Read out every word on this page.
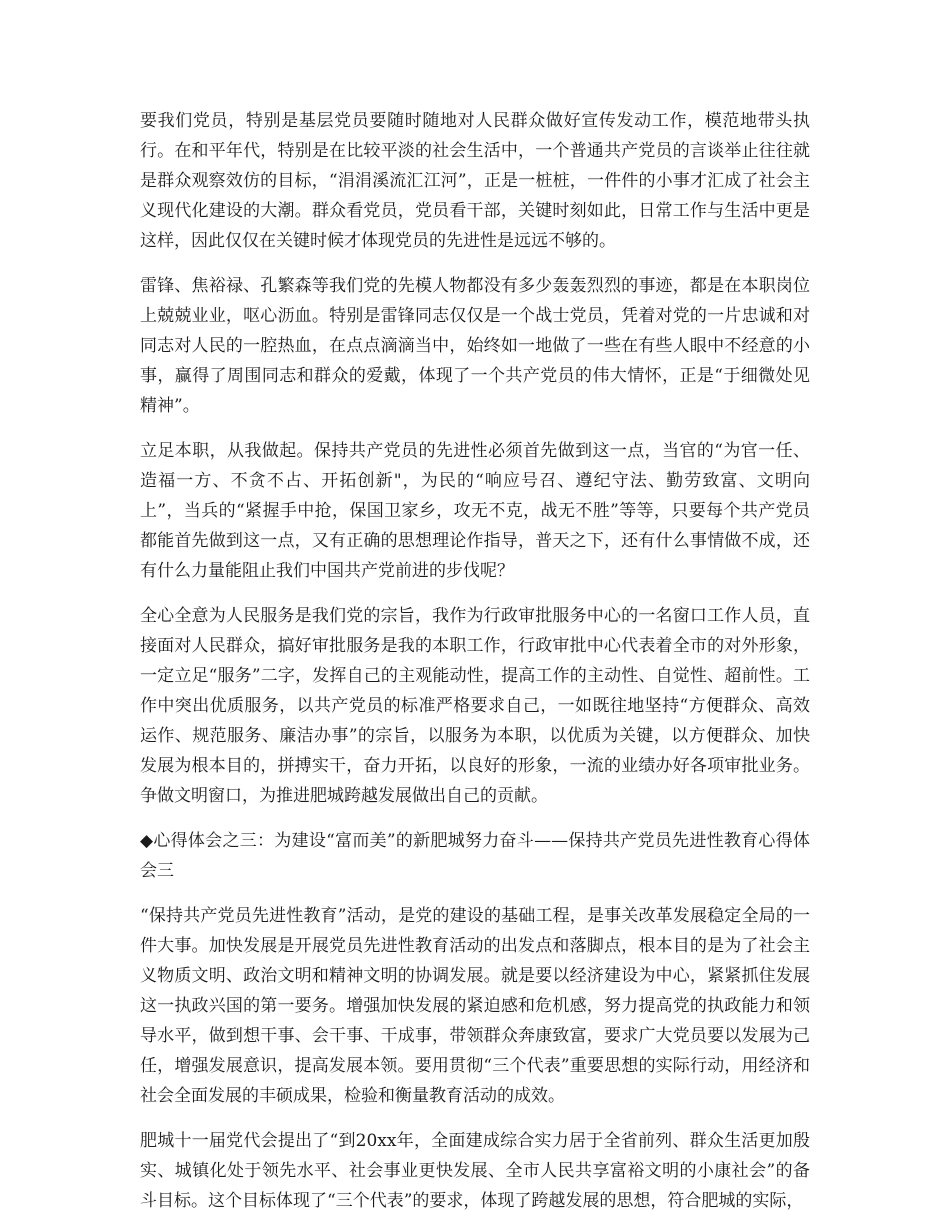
要我们党员，特别是基层党员要随时随地对人民群众做好宣传发动工作，模范地带头执行。在和平年代，特别是在比较平淡的社会生活中，一个普通共产党员的言谈举止往往就是群众观察效仿的目标，“涓涓溪流汇江河”，正是一桩桩，一件件的小事才汇成了社会主义现代化建设的大潮。群众看党员，党员看干部，关键时刻如此，日常工作与生活中更是这样，因此仅仅在关键时候才体现党员的先进性是远远不够的。

雷锋、焦裕禄、孔繁森等我们党的先模人物都没有多少轰轰烈烈的事迹，都是在本职岗位上兢兢业业，呕心沥血。特别是雷锋同志仅仅是一个战士党员，凭着对党的一片忠诚和对同志对人民的一腔热血，在点点滴滴当中，始终如一地做了一些在有些人眼中不经意的小事，赢得了周围同志和群众的爱戴，体现了一个共产党员的伟大情怀，正是“于细微处见精神”。

立足本职，从我做起。保持共产党员的先进性必须首先做到这一点，当官的“为官一任、造福一方、不贪不占、开拓创新"，为民的“响应号召、遵纪守法、勤劳致富、文明向上”，当兵的“紧握手中抢，保国卫家乡，攻无不克，战无不胜”等等，只要每个共产党员都能首先做到这一点，又有正确的思想理论作指导，普天之下，还有什么事情做不成，还有什么力量能阻止我们中国共产党前进的步伐呢？

全心全意为人民服务是我们党的宗旨，我作为行政审批服务中心的一名窗口工作人员，直接面对人民群众，搞好审批服务是我的本职工作，行政审批中心代表着全市的对外形象，一定立足“服务”二字，发挥自己的主观能动性，提高工作的主动性、自觉性、超前性。工作中突出优质服务，以共产党员的标准严格要求自己，一如既往地坚持“方便群众、高效运作、规范服务、廉洁办事”的宗旨，以服务为本职，以优质为关键，以方便群众、加快发展为根本目的，拼搏实干，奋力开拓，以良好的形象，一流的业绩办好各项审批业务。争做文明窗口，为推进肥城跨越发展做出自己的贡献。

◆心得体会之三：为建设“富而美”的新肥城努力奋斗——保持共产党员先进性教育心得体会三

“保持共产党员先进性教育”活动，是党的建设的基础工程，是事关改革发展稳定全局的一件大事。加快发展是开展党员先进性教育活动的出发点和落脚点，根本目的是为了社会主义物质文明、政治文明和精神文明的协调发展。就是要以经济建设为中心，紧紧抓住发展这一执政兴国的第一要务。增强加快发展的紧迫感和危机感，努力提高党的执政能力和领导水平，做到想干事、会干事、干成事，带领群众奔康致富，要求广大党员要以发展为己任，增强发展意识，提高发展本领。要用贯彻“三个代表”重要思想的实际行动，用经济和社会全面发展的丰硕成果，检验和衡量教育活动的成效。

肥城十一届党代会提出了“到20xx年，全面建成综合实力居于全省前列、群众生活更加殷实、城镇化处于领先水平、社会事业更快发展、全市人民共享富裕文明的小康社会”的备斗目标。这个目标体现了“三个代表”的要求，体现了跨越发展的思想，符合肥城的实际，
